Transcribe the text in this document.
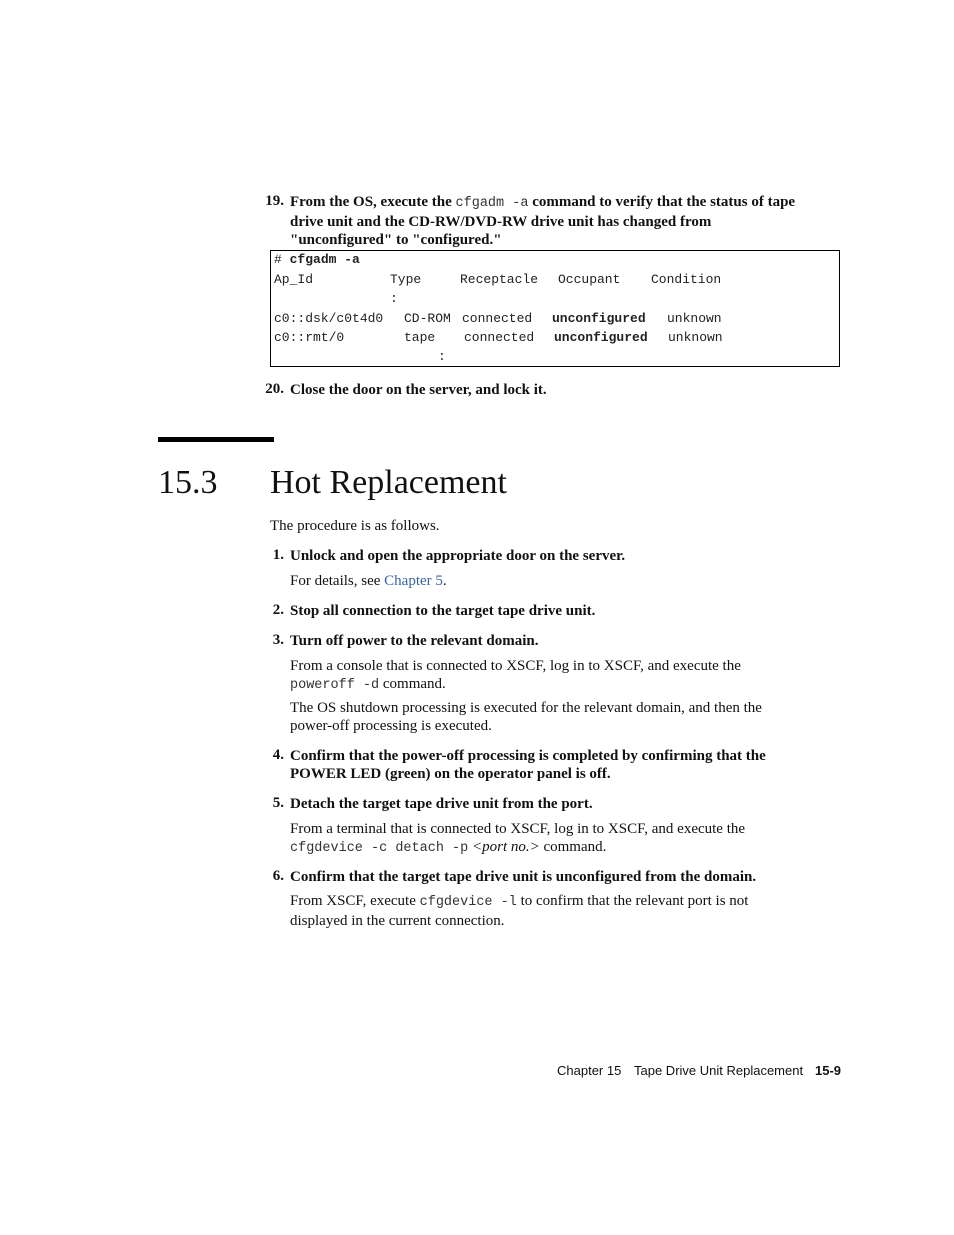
19. From the OS, execute the cfgadm -a command to verify that the status of tape
drive unit and the CD-RW/DVD-RW drive unit has changed from
"unconfigured" to "configured."
# cfgadm -a
Ap_Id	Type	Receptacle Occupant Condition
:
c0::dsk/c0t4d0 CD-ROM connected unconfigured unknown
c0::rmt/0	tape connected unconfigured unknown
:
20. Close the door on the server, and lock it.
15.3 Hot Replacement
The procedure is as follows.
1. Unlock and open the appropriate door on the server.
For details, see Chapter 5.
2. Stop all connection to the target tape drive unit.
3. Turn off power to the relevant domain.
From a console that is connected to XSCF, log in to XSCF, and execute the
poweroff -d command.
The OS shutdown processing is executed for the relevant domain, and then the
power-off processing is executed.
4. Confirm that the power-off processing is completed by confirming that the
POWER LED (green) on the operator panel is off.
5. Detach the target tape drive unit from the port.
From a terminal that is connected to XSCF, log in to XSCF, and execute the
cfgdevice -c detach -p <port no.> command.
6. Confirm that the target tape drive unit is unconfigured from the domain.
From XSCF, execute cfgdevice -l to confirm that the relevant port is not
displayed in the current connection.
Chapter 15 Tape Drive Unit Replacement 15-9
